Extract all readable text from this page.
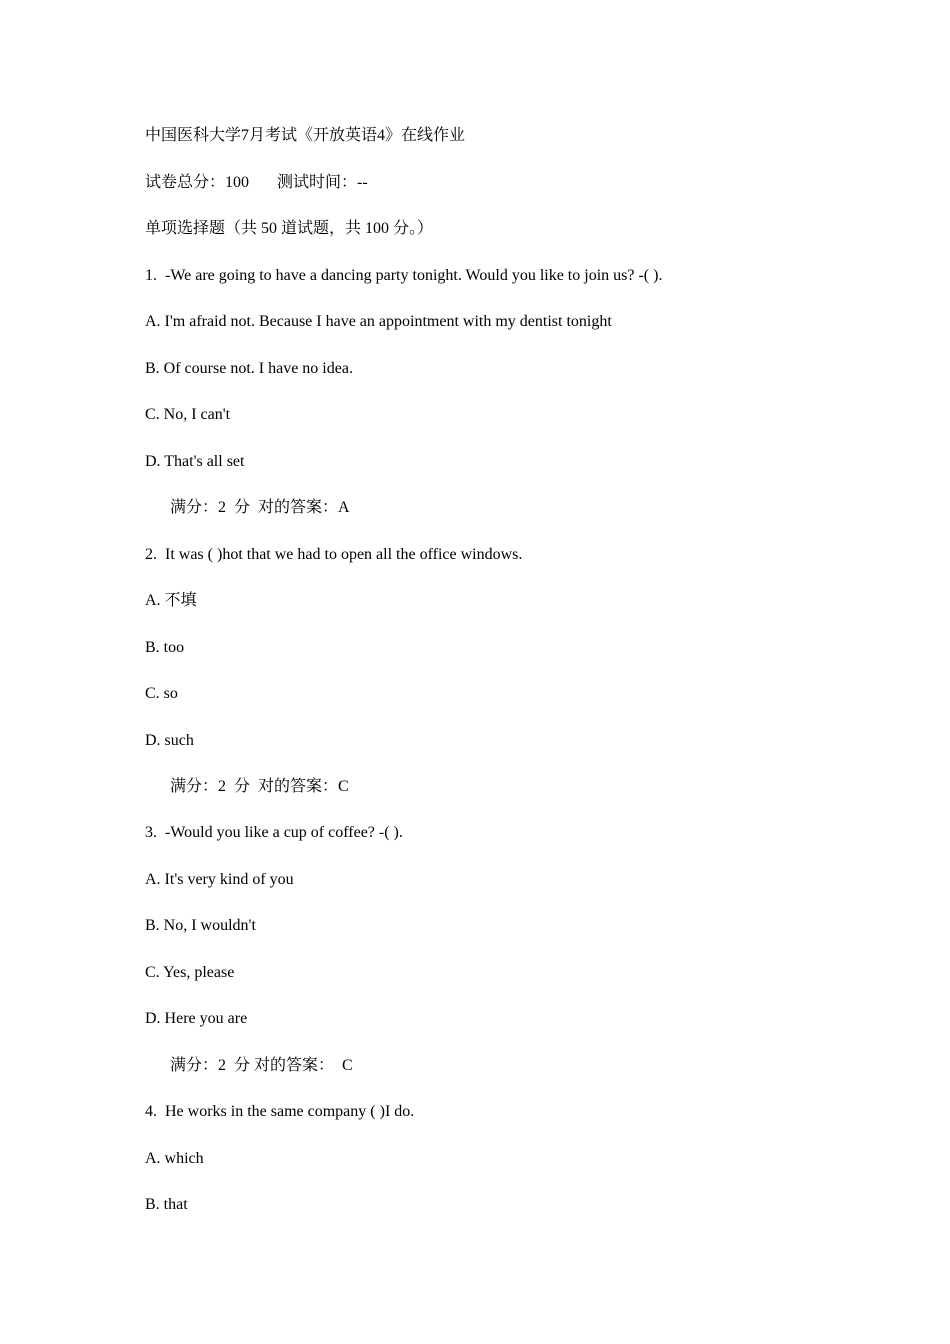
中国医科大学7月考试《开放英语4》在线作业
试卷总分：100       测试时间：--
单项选择题（共 50 道试题，共 100 分。）
1.  -We are going to have a dancing party tonight. Would you like to join us? -( ).
A. I'm afraid not. Because I have an appointment with my dentist tonight
B. Of course not. I have no idea.
C. No, I can't
D. That's all set
满分：2  分  对的答案：A
2.  It was ( )hot that we had to open all the office windows.
A. 不填
B. too
C. so
D. such
满分：2  分  对的答案：C
3.  -Would you like a cup of coffee? -( ).
A. It's very kind of you
B. No, I wouldn't
C. Yes, please
D. Here you are
满分：2  分 对的答案：  C
4.  He works in the same company ( )I do.
A. which
B. that
